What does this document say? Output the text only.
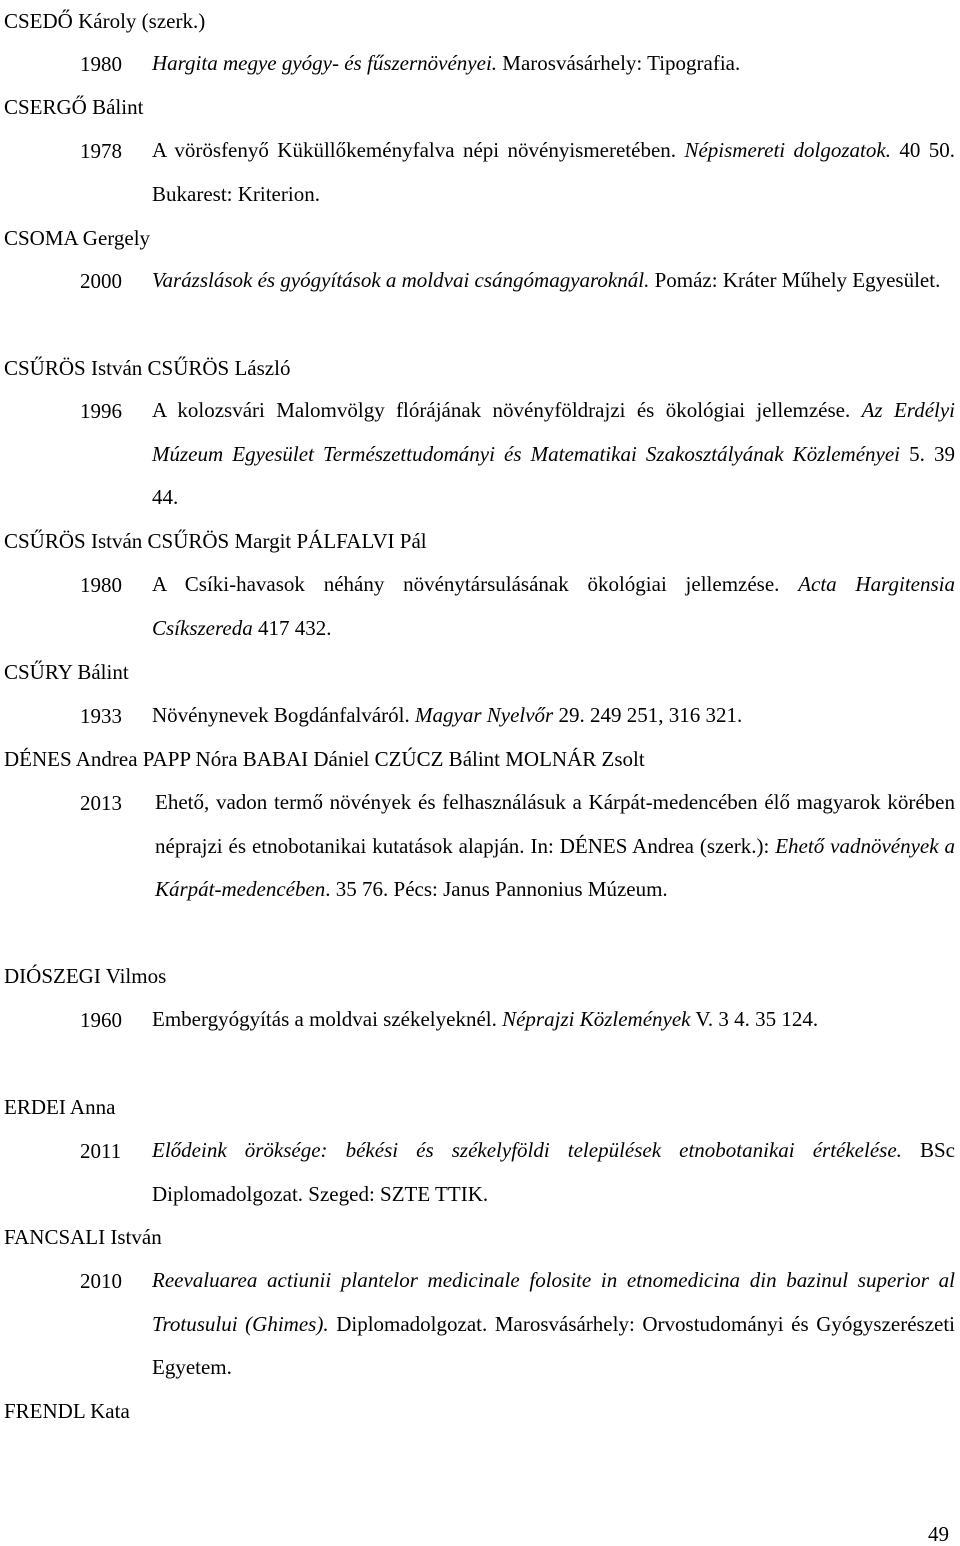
CSEDŐ Károly (szerk.)
1980 Hargita megye gyógy- és fűszernövényei. Marosvásárhely: Tipografia.
CSERGŐ Bálint
1978 A vörösfenyő Küküllőkeményfalva népi növényismeretében. Népismereti dolgozatok. 40 50. Bukarest: Kriterion.
CSOMA Gergely
2000 Varázslások és gyógyítások a moldvai csángómagyaroknál. Pomáz: Kráter Műhely Egyesület.
CSŰRÖS István CSŰRÖS László
1996 A kolozsvári Malomvölgy flórájának növényföldrajzi és ökológiai jellemzése. Az Erdélyi Múzeum Egyesület Természettudományi és Matematikai Szakosztályának Közleményei 5. 39 44.
CSŰRÖS István CSŰRÖS Margit PÁLFALVI Pál
1980 A Csíki-havasok néhány növénytársulásának ökológiai jellemzése. Acta Hargitensia Csíkszereda 417 432.
CSŰRY Bálint
1933 Növénynevek Bogdánfalváról. Magyar Nyelvőr 29. 249 251, 316 321.
DÉNES Andrea PAPP Nóra BABAI Dániel CZÚCZ Bálint MOLNÁR Zsolt
2013 Ehető, vadon termő növények és felhasználásuk a Kárpát-medencében élő magyarok körében néprajzi és etnobotanikai kutatások alapján. In: DÉNES Andrea (szerk.): Ehető vadnövények a Kárpát-medencében. 35 76. Pécs: Janus Pannonius Múzeum.
DIÓSZEGI Vilmos
1960 Embergyógyítás a moldvai székelyeknél. Néprajzi Közlemények V. 3 4. 35 124.
ERDEI Anna
2011 Elődeink öröksége: békési és székelyföldi települések etnobotanikai értékelése. BSc Diplomadolgozat. Szeged: SZTE TTIK.
FANCSALI István
2010 Reevaluarea actiunii plantelor medicinale folosite in etnomedicina din bazinul superior al Trotusului (Ghimes). Diplomadolgozat. Marosvásárhely: Orvostudományi és Gyógyszerészeti Egyetem.
FRENDL Kata
49
